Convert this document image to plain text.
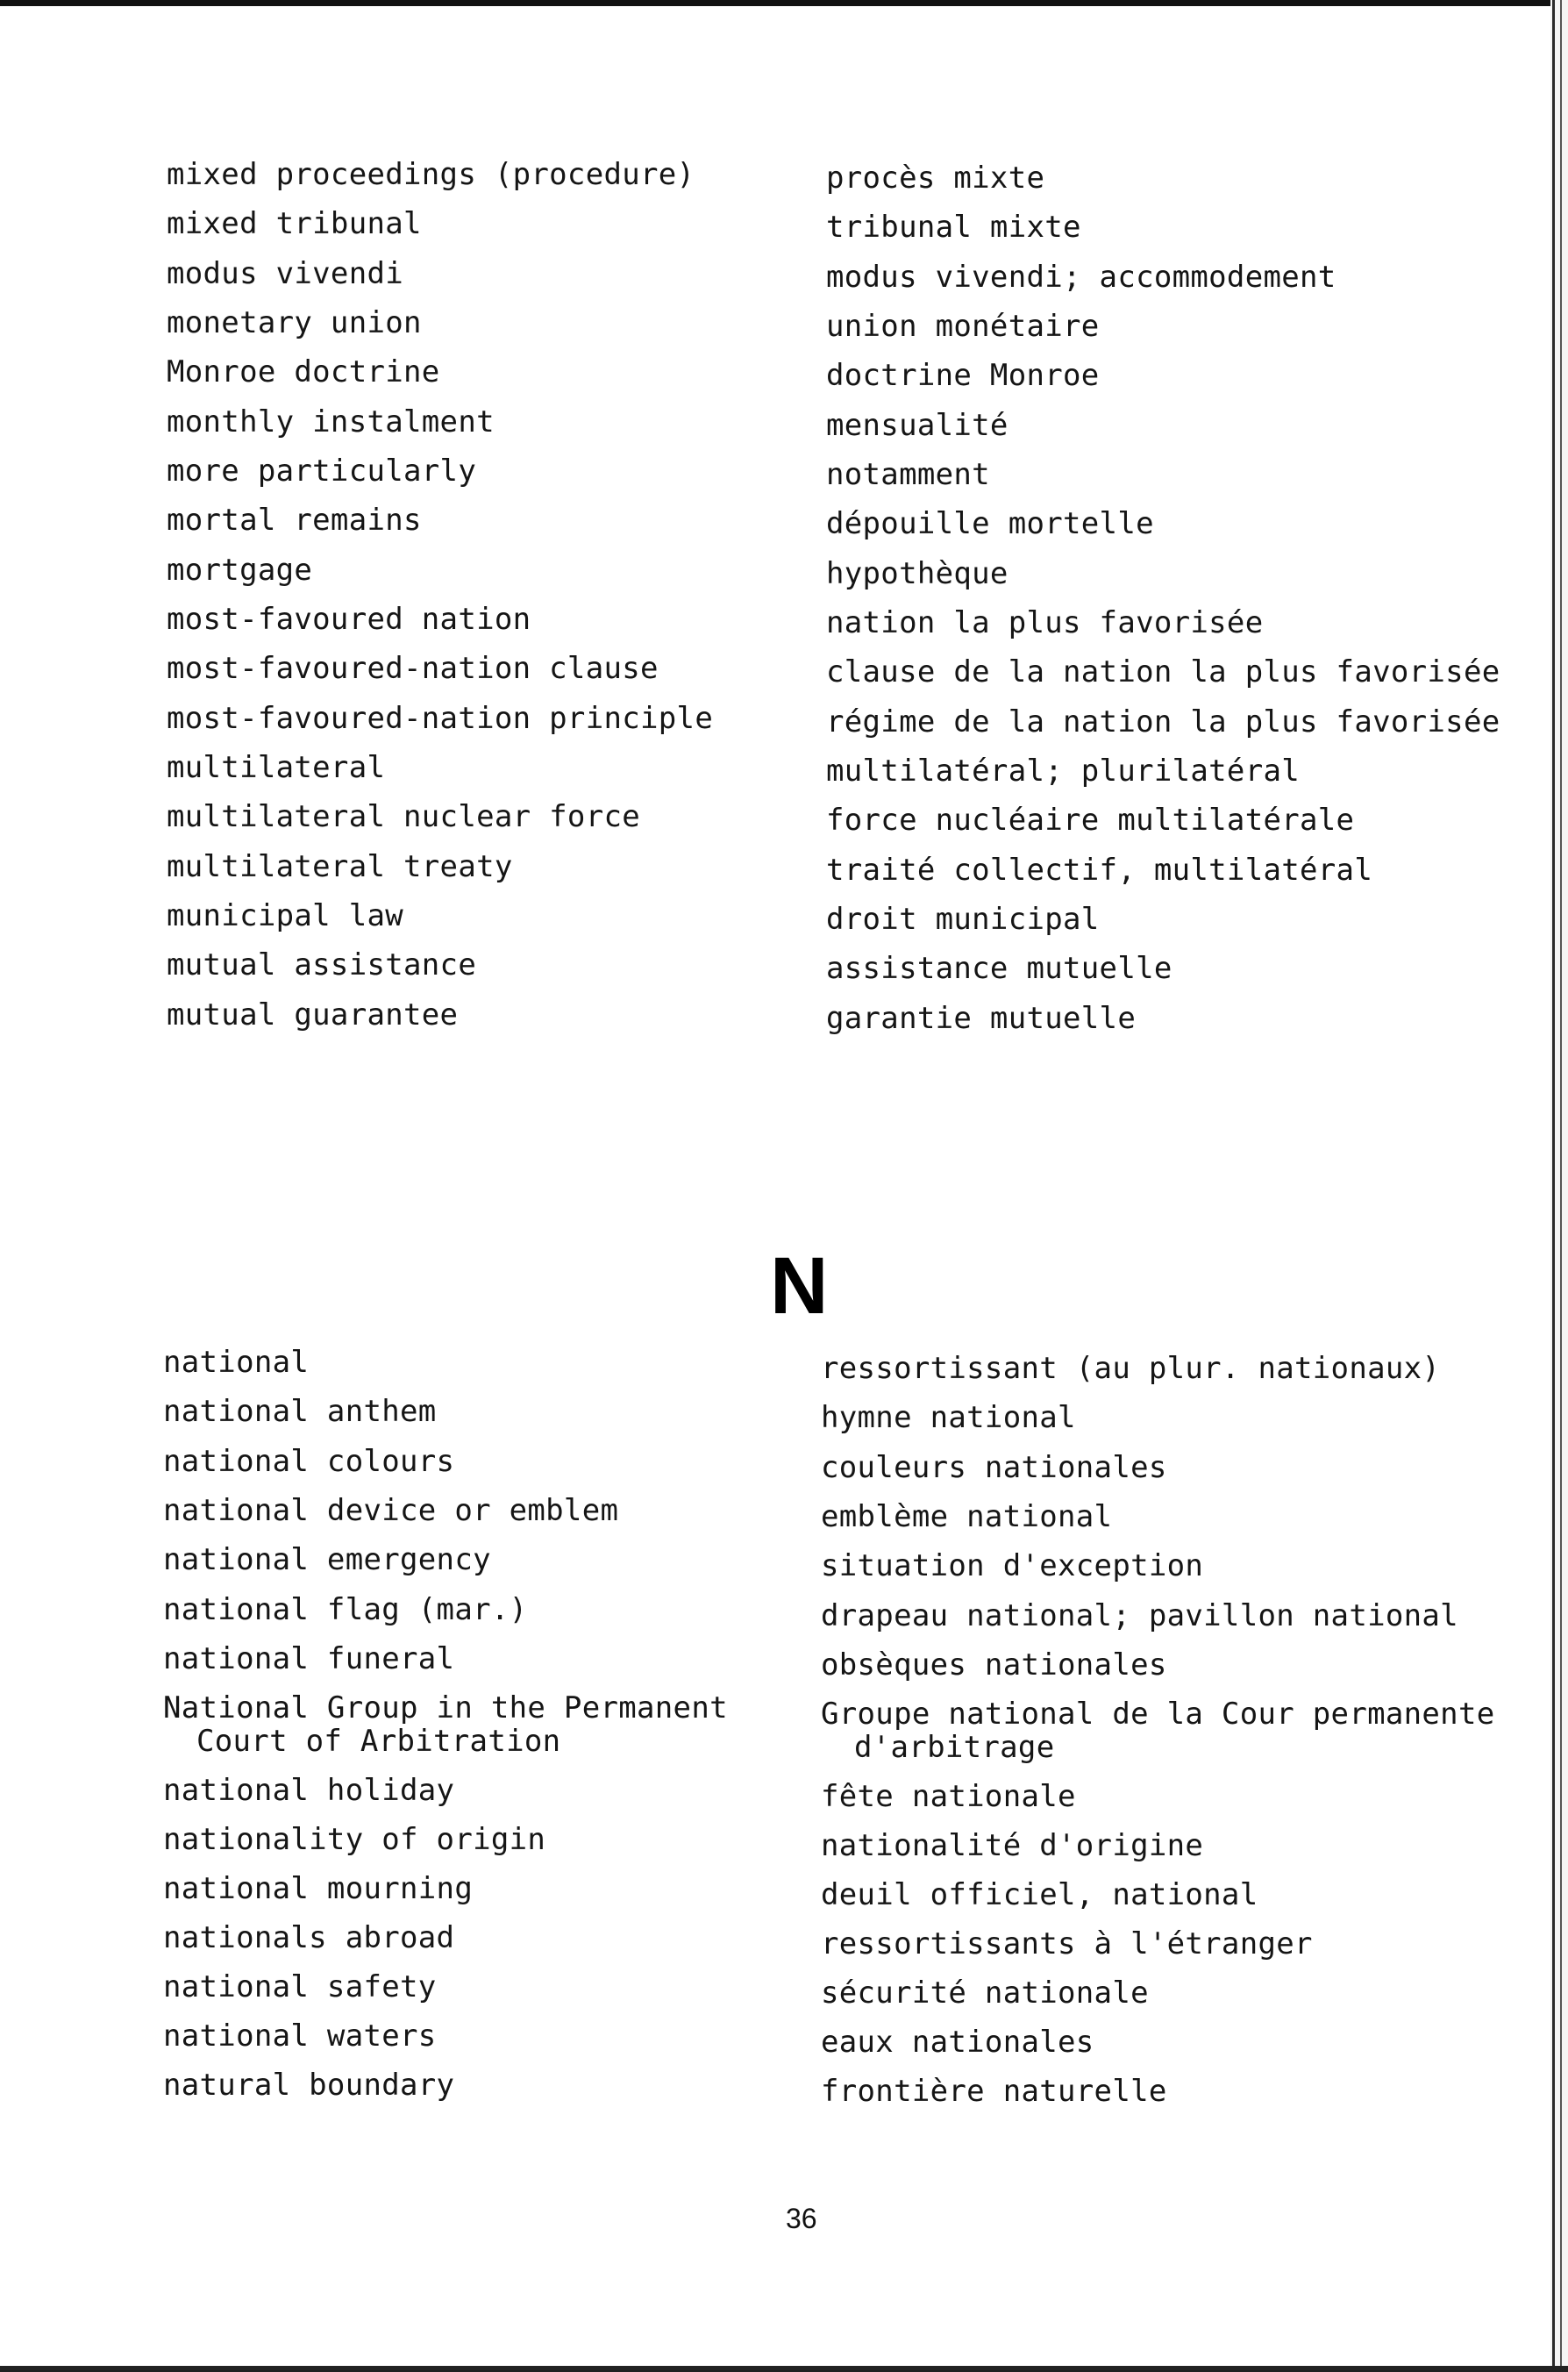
mixed proceedings (procedure)
mixed tribunal
modus vivendi
monetary union
Monroe doctrine
monthly instalment
more particularly
mortal remains
mortgage
most-favoured nation
most-favoured-nation clause
most-favoured-nation principle
multilateral
multilateral nuclear force
multilateral treaty
municipal law
mutual assistance
mutual guarantee
procès mixte
tribunal mixte
modus vivendi; accommodement
union monétaire
doctrine Monroe
mensualité
notamment
dépouille mortelle
hypothèque
nation la plus favorisée
clause de la nation la plus favorisée
régime de la nation la plus favorisée
multilatéral; plurilatéral
force nucléaire multilatérale
traité collectif, multilatéral
droit municipal
assistance mutuelle
garantie mutuelle
N
national
national anthem
national colours
national device or emblem
national emergency
national flag (mar.)
national funeral
National Group in the Permanent
Court of Arbitration
national holiday
nationality of origin
national mourning
nationals abroad
national safety
national waters
natural boundary
ressortissant (au plur. nationaux)
hymne national
couleurs nationales
emblème national
situation d'exception
drapeau national; pavillon national
obsèques nationales
Groupe national de la Cour permanente
d'arbitrage
fête nationale
nationalité d'origine
deuil officiel, national
ressortissants à l'étranger
sécurité nationale
eaux nationales
frontière naturelle
36
